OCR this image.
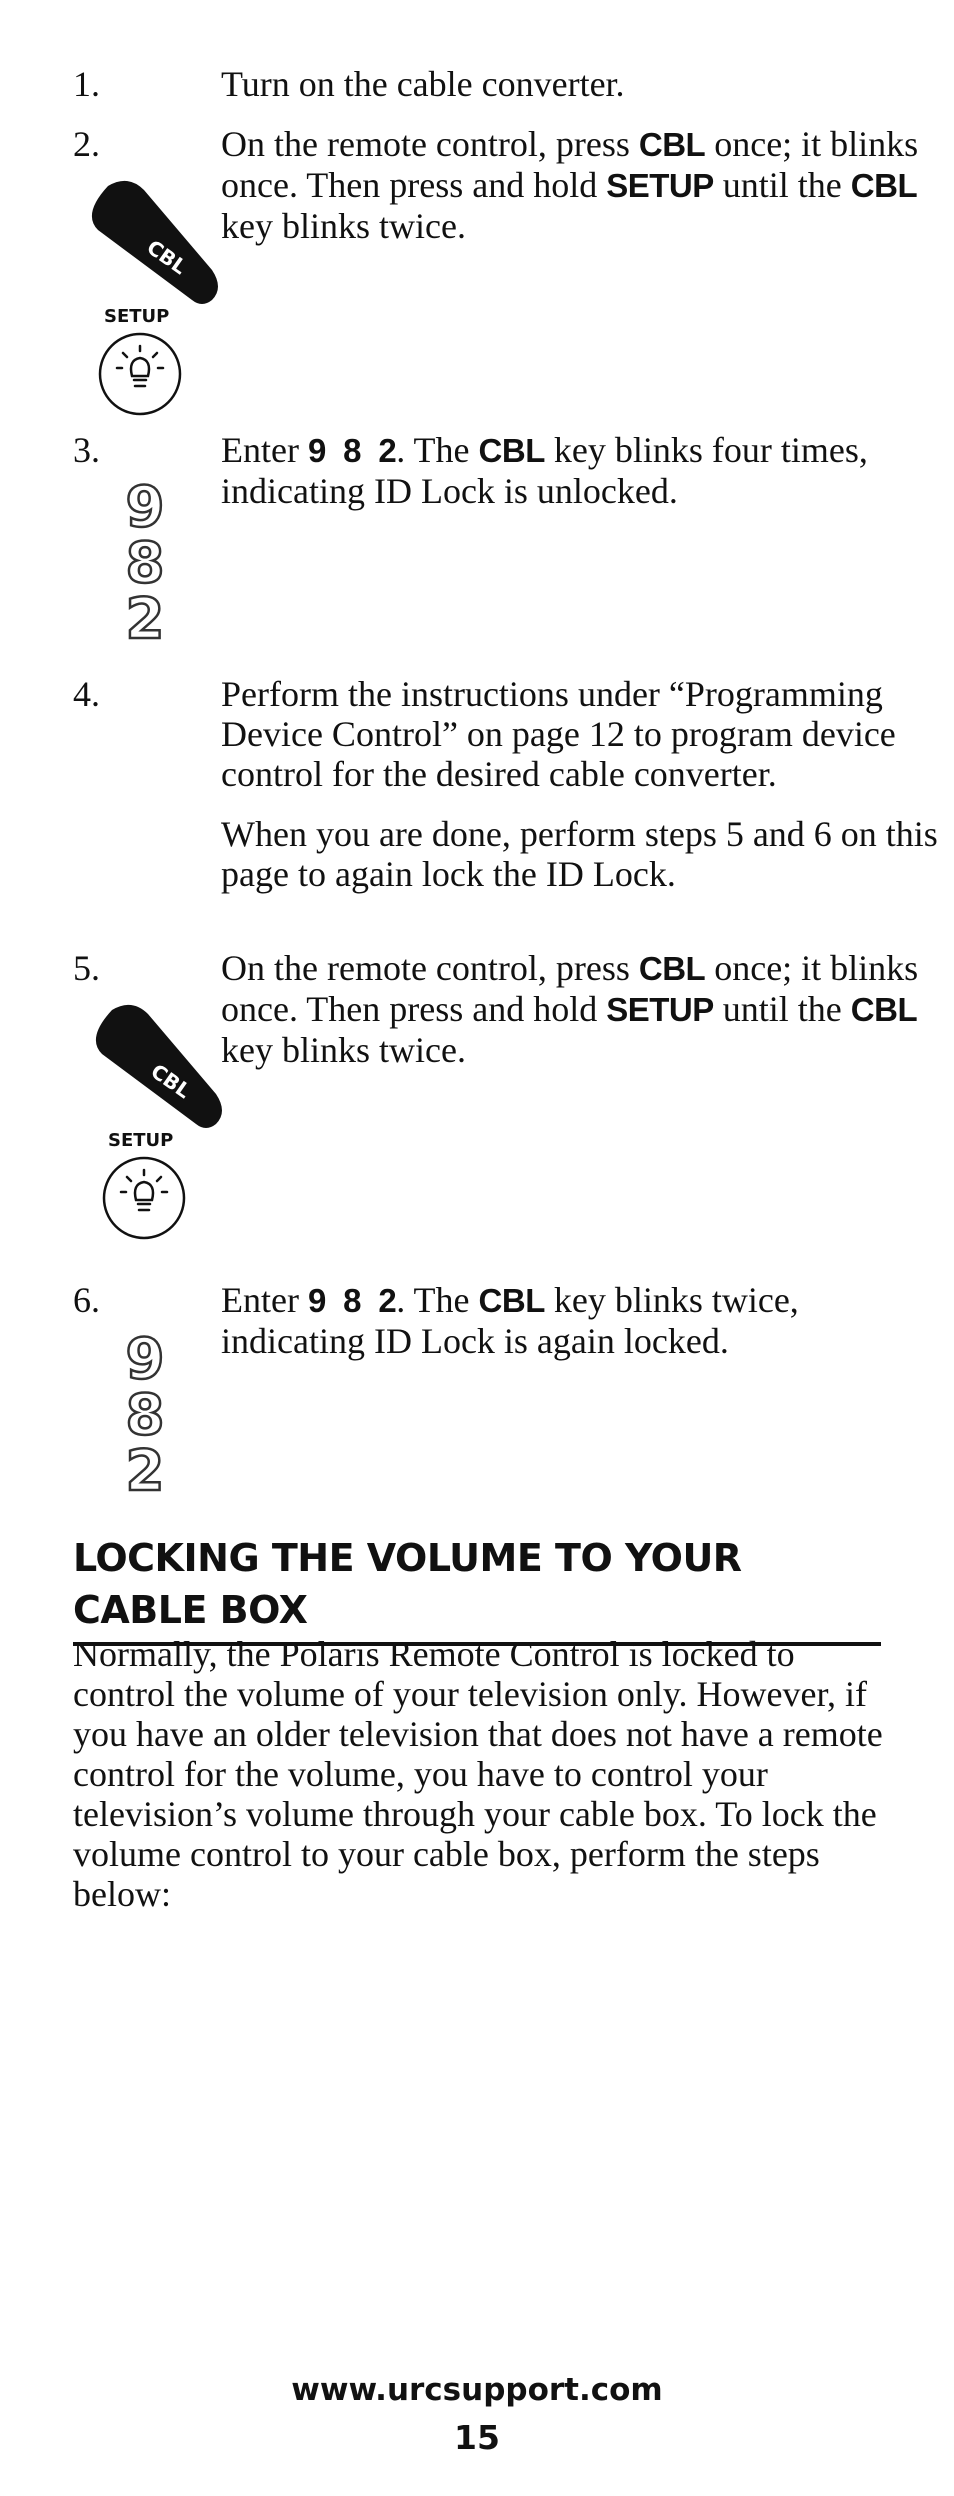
1.	Turn on the cable converter.

2.	On the remote control, press CBL once; it blinks once. Then press and hold SETUP until the CBL key blinks twice.

CBL
SETUP
3.	Enter 9  8  2. The CBL key blinks four times, indicating ID Lock is unlocked.

9
8
2
4.	Perform the instructions under “Programming Device Control” on page 12 to program device control for the desired cable converter.

When you are done, perform steps 5 and 6 on this page to again lock the ID Lock.

5.	On the remote control, press CBL once; it blinks once. Then press and hold SETUP until the CBL key blinks twice.

CBL
SETUP
6.	Enter 9  8  2. The CBL key blinks twice, indicating ID Lock is again locked.

9
8
2
LOCKING THE VOLUME TO YOUR CABLE BOX

Normally, the Polaris Remote Control is locked to control the volume of your television only. However, if you have an older television that does not have a remote control for the volume, you have to control your television’s volume through your cable box. To lock the volume control to your cable box, perform the steps below:

www.urcsupport.com
15
